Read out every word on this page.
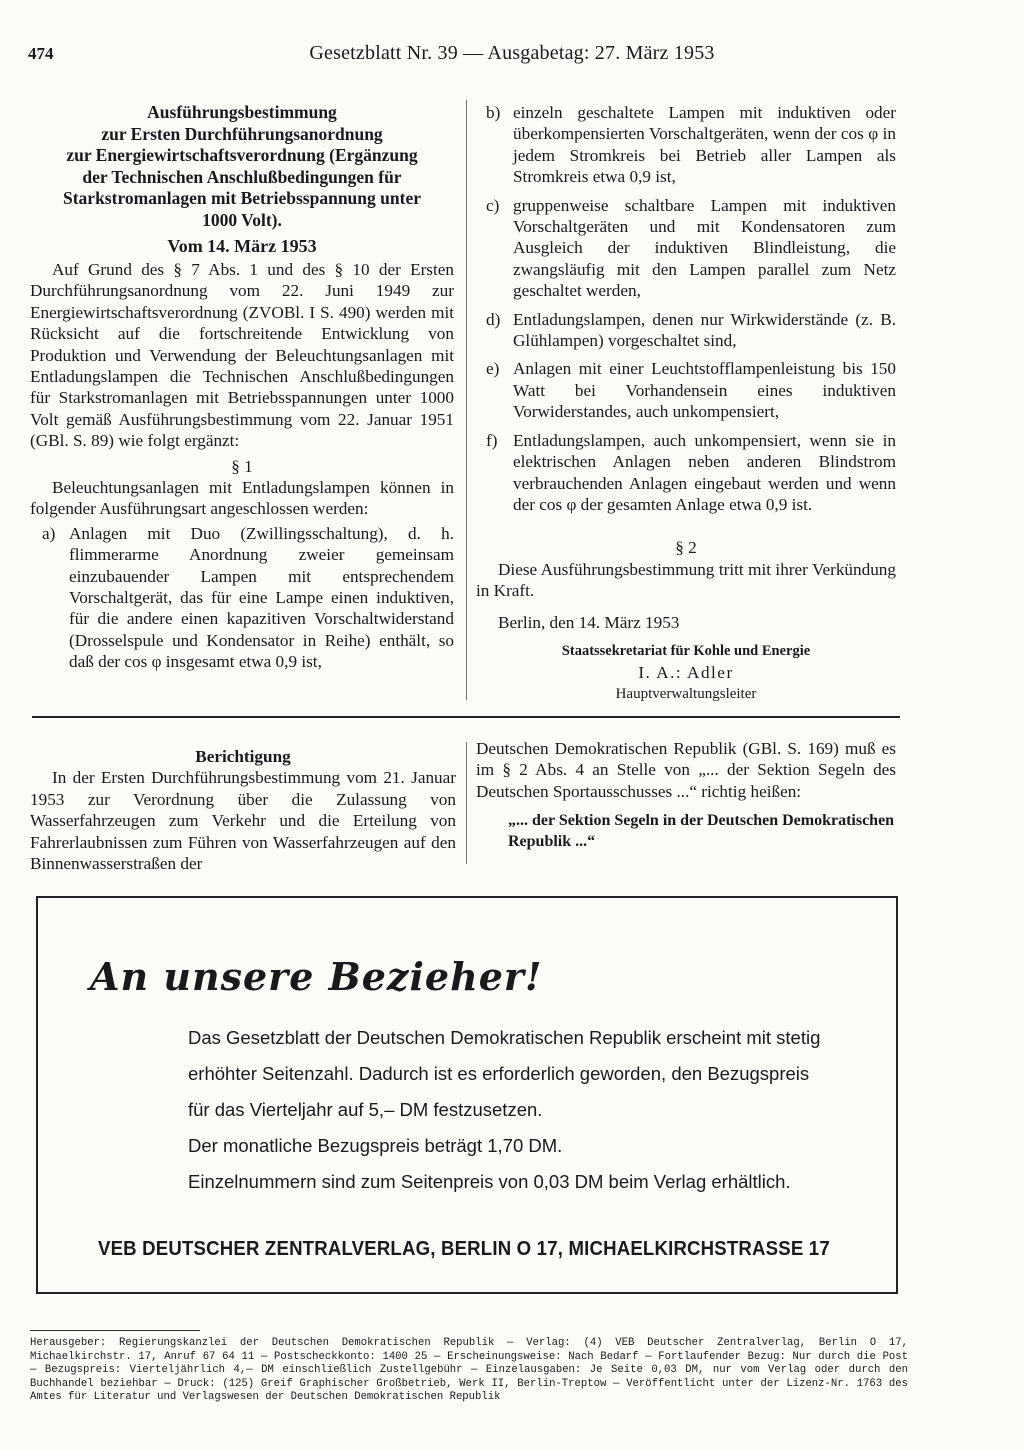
474	Gesetzblatt Nr. 39 — Ausgabetag: 27. März 1953
Ausführungsbestimmung
zur Ersten Durchführungsanordnung
zur Energiewirtschaftsverordnung (Ergänzung
der Technischen Anschlußbedingungen für
Starkstromanlagen mit Betriebsspannung unter
1000 Volt).

Vom 14. März 1953

Auf Grund des § 7 Abs. 1 und des § 10 der Ersten Durchführungsanordnung vom 22. Juni 1949 zur Energiewirtschaftsverordnung (ZVOBl. I S. 490) werden mit Rücksicht auf die fortschreitende Entwicklung von Produktion und Verwendung der Beleuchtungsanlagen mit Entladungslampen die Technischen Anschlußbedingungen für Starkstromanlagen mit Betriebsspannungen unter 1000 Volt gemäß Ausführungsbestimmung vom 22. Januar 1951 (GBl. S. 89) wie folgt ergänzt:

§ 1

Beleuchtungsanlagen mit Entladungslampen können in folgender Ausführungsart angeschlossen werden:

a) Anlagen mit Duo (Zwillingsschaltung), d. h. flimmerarme Anordnung zweier gemeinsam einzubauender Lampen mit entsprechendem Vorschaltgerät, das für eine Lampe einen induktiven, für die andere einen kapazitiven Vorschaltwiderstand (Drosselspule und Kondensator in Reihe) enthält, so daß der cos φ insgesamt etwa 0,9 ist,
b) einzeln geschaltete Lampen mit induktiven oder überkompensierten Vorschaltgeräten, wenn der cos φ in jedem Stromkreis bei Betrieb aller Lampen als Stromkreis etwa 0,9 ist,
c) gruppenweise schaltbare Lampen mit induktiven Vorschaltgeräten und mit Kondensatoren zum Ausgleich der induktiven Blindleistung, die zwangsläufig mit den Lampen parallel zum Netz geschaltet werden,
d) Entladungslampen, denen nur Wirkwiderstände (z. B. Glühlampen) vorgeschaltet sind,
e) Anlagen mit einer Leuchtstofflampenleistung bis 150 Watt bei Vorhandensein eines induktiven Vorwiderstandes, auch unkompensiert,
f) Entladungslampen, auch unkompensiert, wenn sie in elektrischen Anlagen neben anderen Blindstrom verbrauchenden Anlagen eingebaut werden und wenn der cos φ der gesamten Anlage etwa 0,9 ist.

§ 2

Diese Ausführungsbestimmung tritt mit ihrer Verkündung in Kraft.

Berlin, den 14. März 1953

Staatssekretariat für Kohle und Energie

I. A.: Adler

Hauptverwaltungsleiter

Berichtigung

In der Ersten Durchführungsbestimmung vom 21. Januar 1953 zur Verordnung über die Zulassung von Wasserfahrzeugen zum Verkehr und die Erteilung von Fahrerlaubnissen zum Führen von Wasserfahrzeugen auf den Binnenwasserstraßen der

Deutschen Demokratischen Republik (GBl. S. 169) muß es im § 2 Abs. 4 an Stelle von „... der Sektion Segeln des Deutschen Sportausschusses ...“ richtig heißen:

„... der Sektion Segeln in der Deutschen Demokratischen Republik ...“

An unsere Bezieher!

Das Gesetzblatt der Deutschen Demokratischen Republik erscheint mit stetig

erhöhter Seitenzahl. Dadurch ist es erforderlich geworden, den Bezugspreis

für das Vierteljahr auf 5,– DM festzusetzen.

Der monatliche Bezugspreis beträgt 1,70 DM.

Einzelnummern sind zum Seitenpreis von 0,03 DM beim Verlag erhältlich.

VEB DEUTSCHER ZENTRALVERLAG, BERLIN O 17, MICHAELKIRCHSTRASSE 17
Herausgeber: Regierungskanzlei der Deutschen Demokratischen Republik — Verlag: (4) VEB Deutscher Zentralverlag, Berlin O 17, Michaelkirchstr. 17, Anruf 67 64 11 — Postscheckkonto: 1400 25 — Erscheinungsweise: Nach Bedarf — Fortlaufender Bezug: Nur durch die Post — Bezugspreis: Vierteljährlich 4,— DM einschließlich Zustellgebühr — Einzelausgaben: Je Seite 0,03 DM, nur vom Verlag oder durch den Buchhandel beziehbar — Druck: (125) Greif Graphischer Großbetrieb, Werk II, Berlin-Treptow — Veröffentlicht unter der Lizenz-Nr. 1763 des Amtes für Literatur und Verlagswesen der Deutschen Demokratischen Republik
